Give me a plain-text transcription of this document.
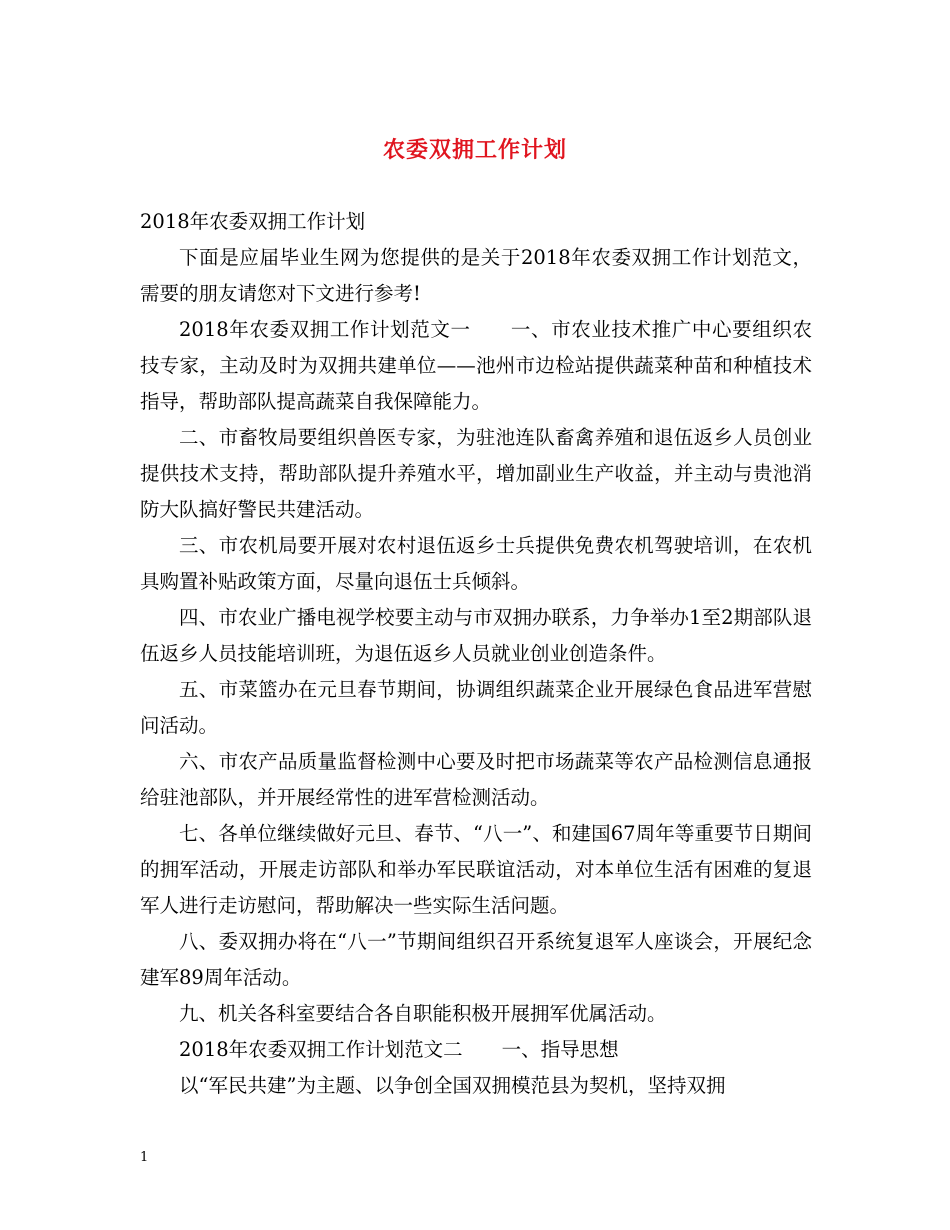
农委双拥工作计划

2018年农委双拥工作计划

下面是应届毕业生网为您提供的是关于2018年农委双拥工作计划范文，需要的朋友请您对下文进行参考!

2018年农委双拥工作计划范文一　　一、市农业技术推广中心要组织农技专家，主动及时为双拥共建单位——池州市边检站提供蔬菜种苗和种植技术指导，帮助部队提高蔬菜自我保障能力。

二、市畜牧局要组织兽医专家，为驻池连队畜禽养殖和退伍返乡人员创业提供技术支持，帮助部队提升养殖水平，增加副业生产收益，并主动与贵池消防大队搞好警民共建活动。

三、市农机局要开展对农村退伍返乡士兵提供免费农机驾驶培训，在农机具购置补贴政策方面，尽量向退伍士兵倾斜。

四、市农业广播电视学校要主动与市双拥办联系，力争举办1至2期部队退伍返乡人员技能培训班，为退伍返乡人员就业创业创造条件。

五、市菜篮办在元旦春节期间，协调组织蔬菜企业开展绿色食品进军营慰问活动。

六、市农产品质量监督检测中心要及时把市场蔬菜等农产品检测信息通报给驻池部队，并开展经常性的进军营检测活动。

七、各单位继续做好元旦、春节、“八一”、和建国67周年等重要节日期间的拥军活动，开展走访部队和举办军民联谊活动，对本单位生活有困难的复退军人进行走访慰问，帮助解决一些实际生活问题。

八、委双拥办将在“八一”节期间组织召开系统复退军人座谈会，开展纪念建军89周年活动。

九、机关各科室要结合各自职能积极开展拥军优属活动。

2018年农委双拥工作计划范文二　　一、指导思想

以“军民共建”为主题、以争创全国双拥模范县为契机，坚持双拥

1
